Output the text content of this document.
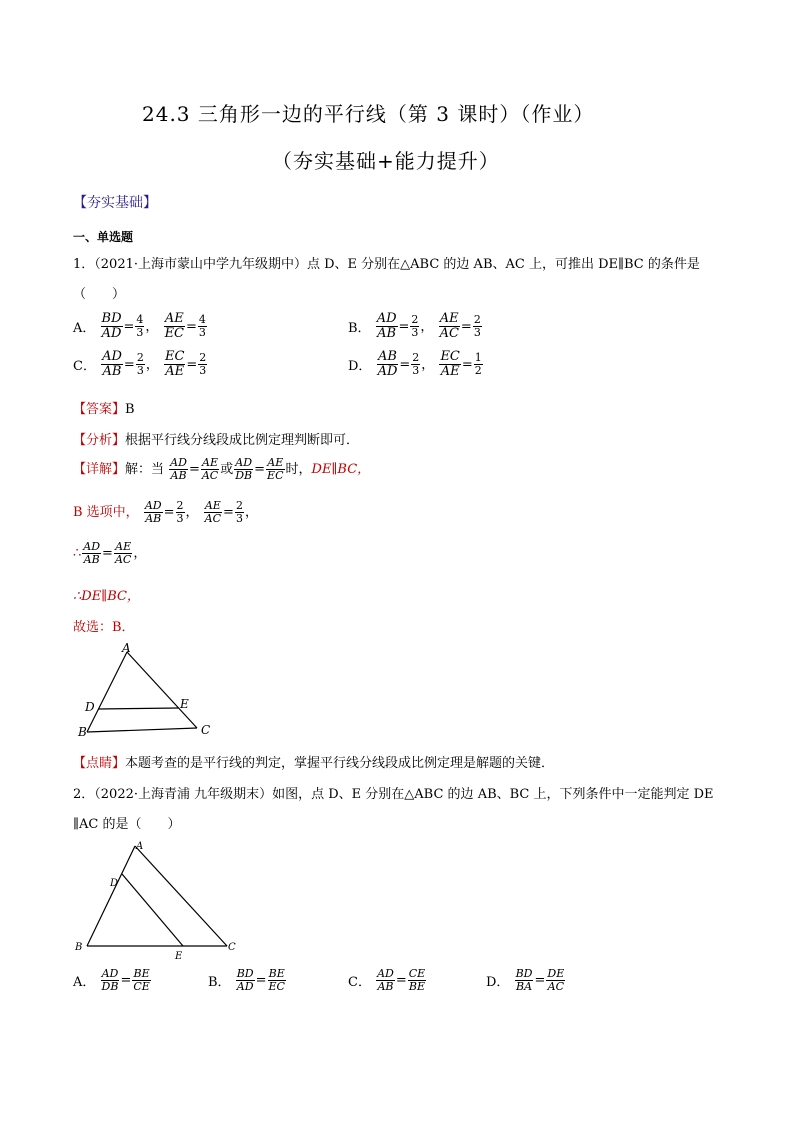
24.3 三角形一边的平行线（第 3 课时）（作业）
（夯实基础+能力提升）
【夯实基础】
一、单选题
1．（2021·上海市蒙山中学九年级期中）点 D、E 分别在△ABC 的边 AB、AC 上，可推出 DE∥BC 的条件是
（　　）
A． $\frac{BD}{AD} = \frac{4}{3}$ ， $\frac{AE}{EC} = \frac{4}{3}$	B． $\frac{AD}{AB} = \frac{2}{3}$ ， $\frac{AE}{AC} = \frac{2}{3}$
C． $\frac{AD}{AB} = \frac{2}{3}$ ， $\frac{EC}{AE} = \frac{2}{3}$	D． $\frac{AB}{AD} = \frac{2}{3}$ ， $\frac{EC}{AE} = \frac{1}{2}$
【答案】B
【分析】根据平行线分线段成比例定理判断即可．
【详解】解：当 $\frac{AD}{AB} = \frac{AE}{AC}$ 或 $\frac{AD}{DB} = \frac{AE}{EC}$ 时，DE∥BC，
B 选项中， $\frac{AD}{AB} = \frac{2}{3}$ ， $\frac{AE}{AC} = \frac{2}{3}$ ，
∴ $\frac{AD}{AB} = \frac{AE}{AC}$ ，
∴DE∥BC，
故选：B．
A
D	E
B	C
【点睛】本题考查的是平行线的判定，掌握平行线分线段成比例定理是解题的关键．
2．（2022·上海青浦 九年级期末）如图，点 D、E 分别在△ABC 的边 AB、BC 上，下列条件中一定能判定 DE
∥AC 的是（　　）
A
D
B
E
C
A． $\frac{AD}{DB} = \frac{BE}{CE}$	B． $\frac{BD}{AD} = \frac{BE}{EC}$	C． $\frac{AD}{AB} = \frac{CE}{BE}$	D． $\frac{BD}{BA} = \frac{DE}{AC}$
